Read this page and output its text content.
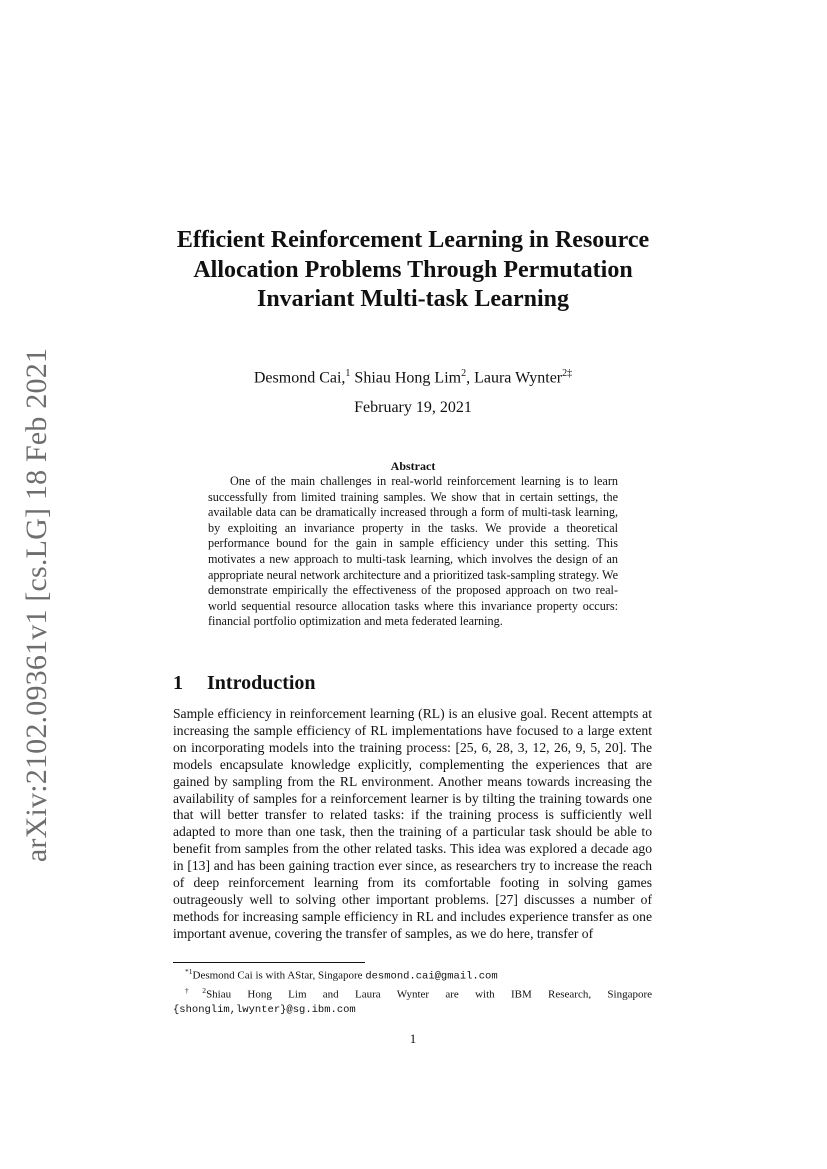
arXiv:2102.09361v1 [cs.LG] 18 Feb 2021
Efficient Reinforcement Learning in Resource Allocation Problems Through Permutation Invariant Multi-task Learning
Desmond Cai,$^1$ Shiau Hong Lim$^2$, Laura Wynter$^{2\ddagger}$
February 19, 2021
Abstract

One of the main challenges in real-world reinforcement learning is to learn successfully from limited training samples. We show that in certain settings, the available data can be dramatically increased through a form of multi-task learning, by exploiting an invariance property in the tasks. We provide a theoretical performance bound for the gain in sample efficiency under this setting. This motivates a new approach to multi-task learning, which involves the design of an appropriate neural network architecture and a prioritized task-sampling strategy. We demonstrate empirically the effectiveness of the proposed approach on two real-world sequential resource allocation tasks where this invariance property occurs: financial portfolio optimization and meta federated learning.

1 Introduction

Sample efficiency in reinforcement learning (RL) is an elusive goal. Recent attempts at increasing the sample efficiency of RL implementations have focused to a large extent on incorporating models into the training process: [25, 6, 28, 3, 12, 26, 9, 5, 20]. The models encapsulate knowledge explicitly, complementing the experiences that are gained by sampling from the RL environment. Another means towards increasing the availability of samples for a reinforcement learner is by tilting the training towards one that will better transfer to related tasks: if the training process is sufficiently well adapted to more than one task, then the training of a particular task should be able to benefit from samples from the other related tasks. This idea was explored a decade ago in [13] and has been gaining traction ever since, as researchers try to increase the reach of deep reinforcement learning from its comfortable footing in solving games outrageously well to solving other important problems. [27] discusses a number of methods for increasing sample efficiency in RL and includes experience transfer as one important avenue, covering the transfer of samples, as we do here, transfer of

$^{*1}$Desmond Cai is with AStar, Singapore desmond.cai@gmail.com
$^{\dagger 2}$Shiau Hong Lim and Laura Wynter are with IBM Research, Singapore {shonglim,lwynter}@sg.ibm.com
1
